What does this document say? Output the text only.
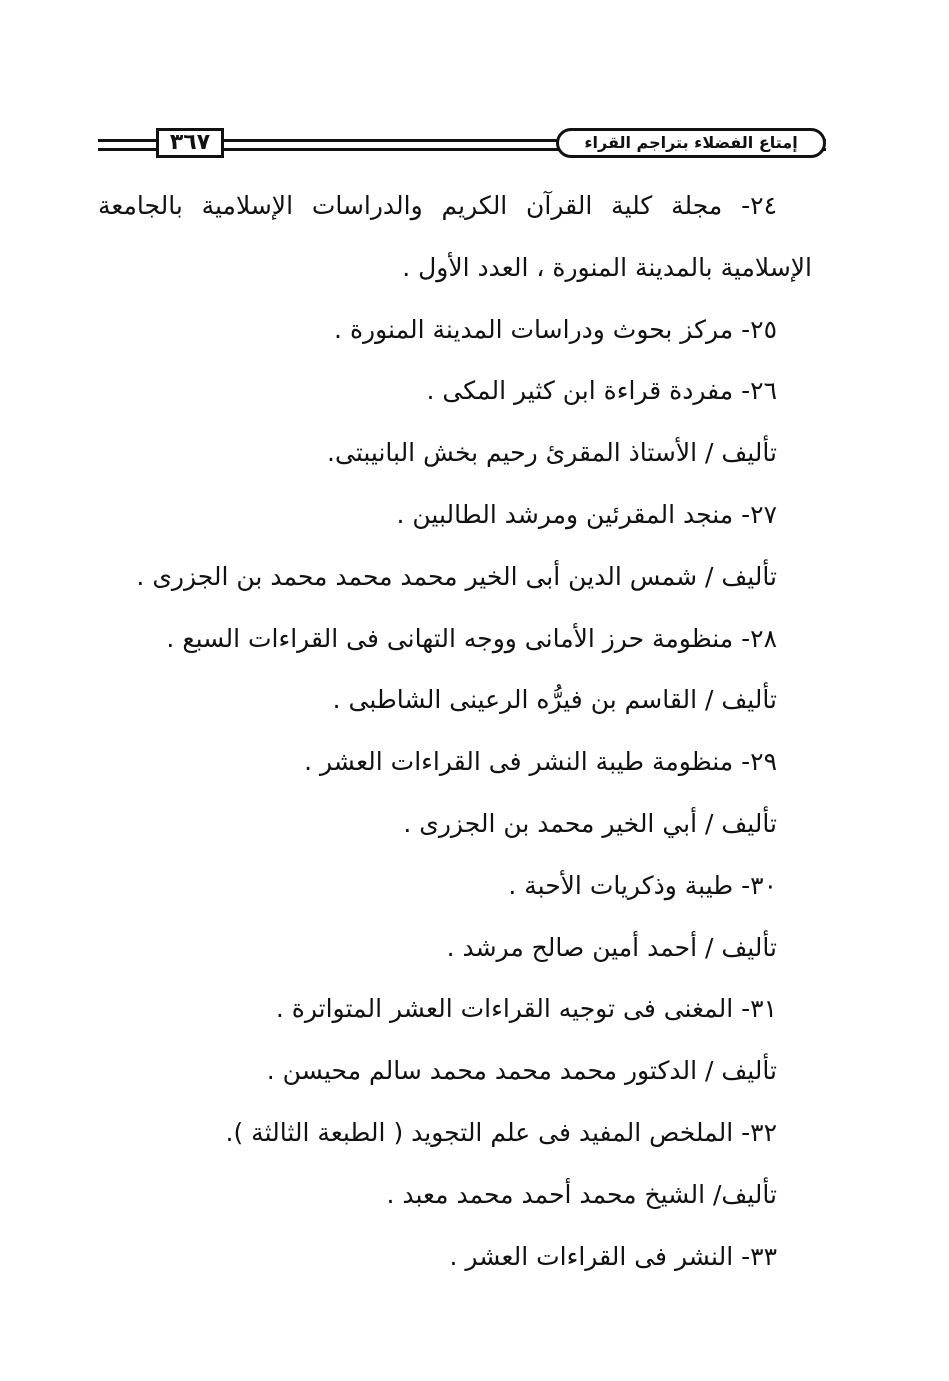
٣٦٧	إمتاع الفضلاء بتراجم القراء
٢٤- مجلة كلية القرآن الكريم والدراسات الإسلامية بالجامعة
الإسلامية بالمدينة المنورة ، العدد الأول .
٢٥- مركز بحوث ودراسات المدينة المنورة .
٢٦- مفردة قراءة ابن كثير المكى .
تأليف / الأستاذ المقرئ رحيم بخش البانيبتى.
٢٧- منجد المقرئين ومرشد الطالبين .
تأليف / شمس الدين أبى الخير محمد محمد محمد بن الجزرى .
٢٨- منظومة حرز الأمانى ووجه التهانى فى القراءات السبع .
تأليف / القاسم بن فيرُّه الرعينى الشاطبى .
٢٩- منظومة طيبة النشر فى القراءات العشر .
تأليف / أبي الخير محمد بن الجزرى .
٣٠- طيبة وذكريات الأحبة .
تأليف / أحمد أمين صالح مرشد .
٣١- المغنى فى توجيه القراءات العشر المتواترة .
تأليف / الدكتور محمد محمد محمد سالم محيسن .
٣٢- الملخص المفيد فى علم التجويد ( الطبعة الثالثة ).
تأليف/ الشيخ محمد أحمد محمد معبد .
٣٣- النشر فى القراءات العشر .
